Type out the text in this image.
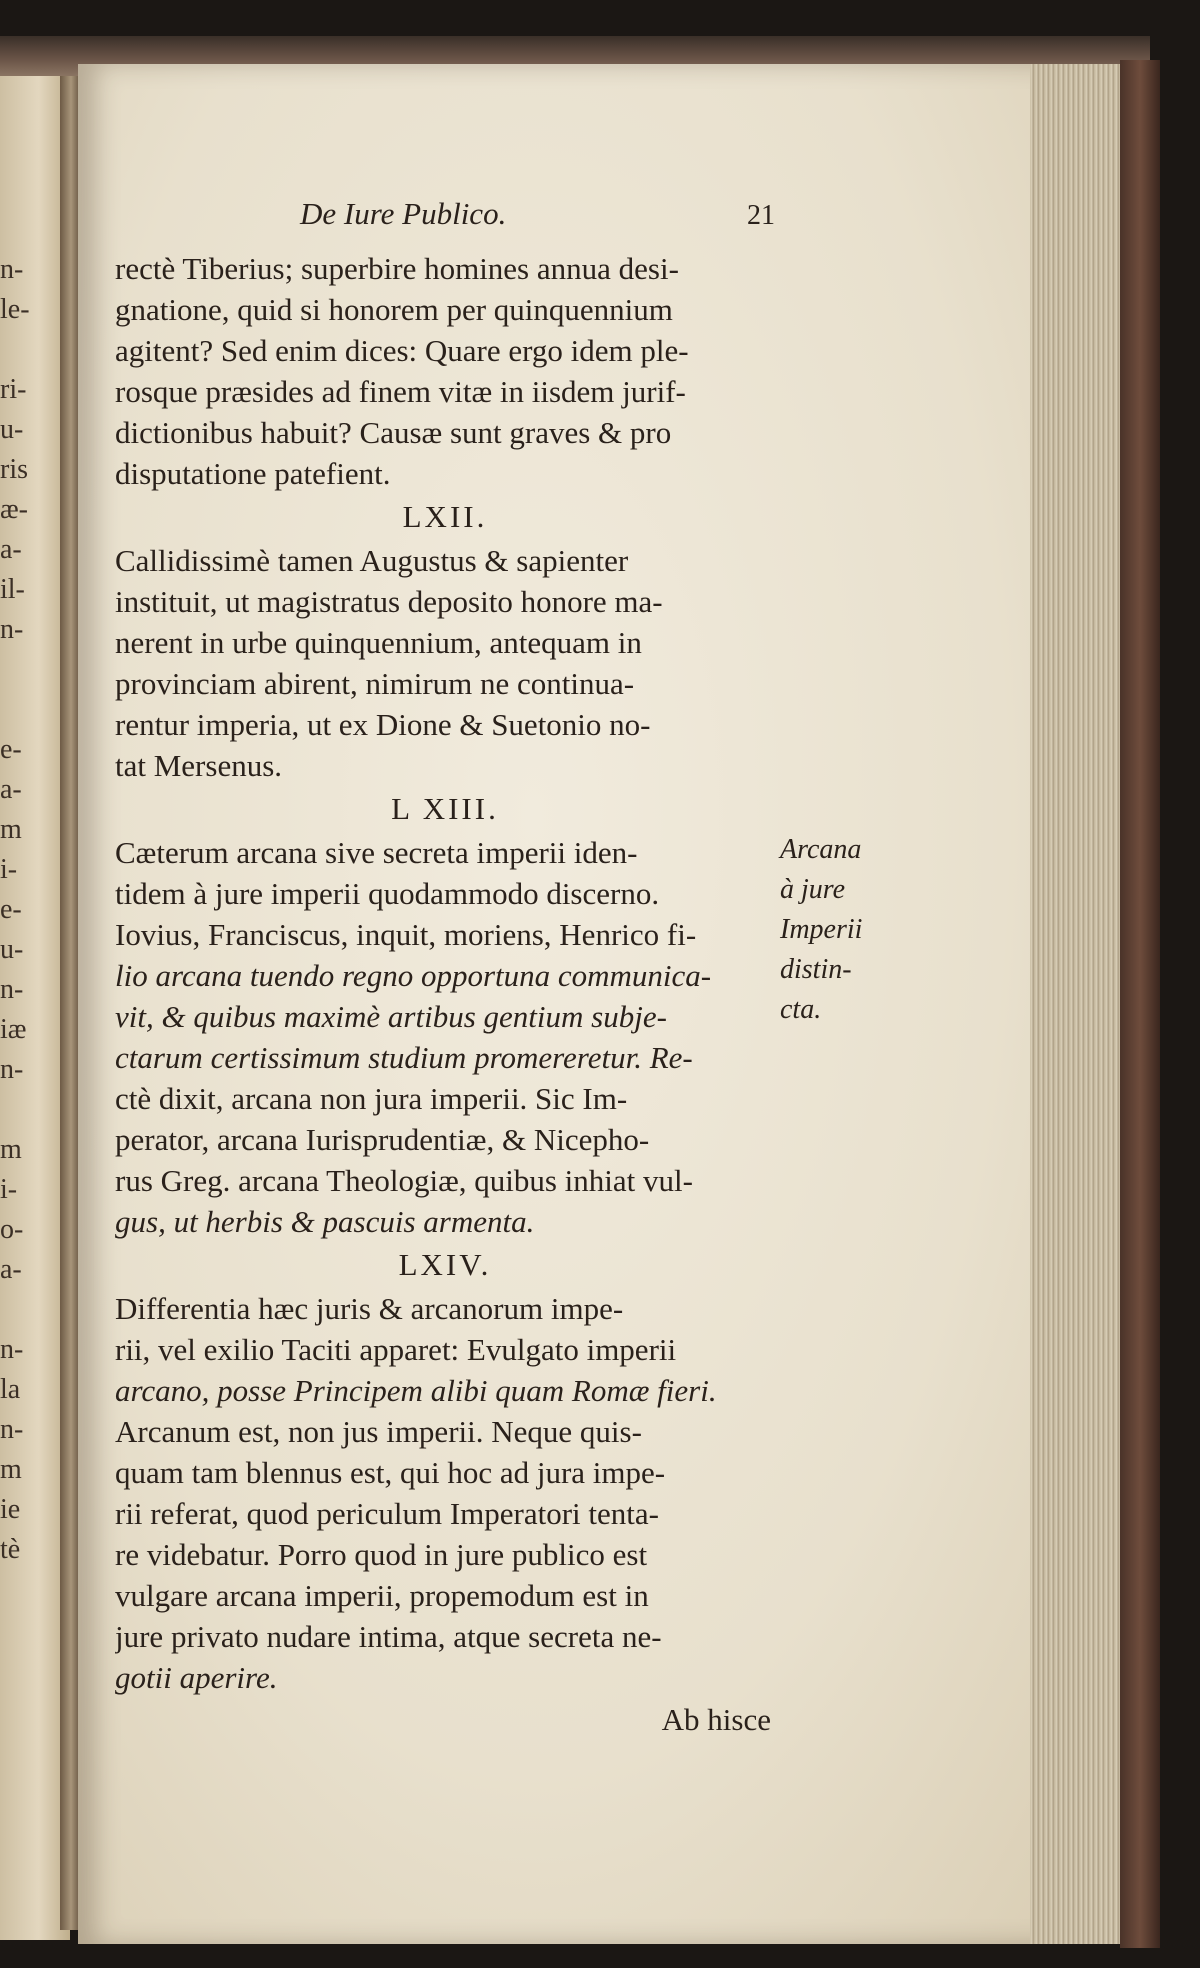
n-
le-
ri-
u-
ris
æ-
a-
il-
n-
e-
a-
m
i-
e-
u-
n-
iæ
n-
m
i-
o-
a-
n-
la
n-
m
ie
tè
De Iure Publico.	21
rectè Tiberius; superbire homines annua desi-
gnatione, quid si honorem per quinquennium
agitent? Sed enim dices: Quare ergo idem ple-
rosque præsides ad finem vitæ in iisdem jurif-
dictionibus habuit? Causæ sunt graves & pro
disputatione patefient.
LXII.
Callidissimè tamen Augustus & sapienter
instituit, ut magistratus deposito honore ma-
nerent in urbe quinquennium, antequam in
provinciam abirent, nimirum ne continua-
rentur imperia, ut ex Dione & Suetonio no-
tat Mersenus.
L XIII.
Cæterum arcana sive secreta imperii iden-
tidem à jure imperii quodammodo discerno.
Iovius, Franciscus, inquit, moriens, Henrico fi-
lio arcana tuendo regno opportuna communica-
vit, & quibus maximè artibus gentium subje-
ctarum certissimum studium promereretur. Re-
ctè dixit, arcana non jura imperii. Sic Im-
perator, arcana Iurisprudentiæ, & Nicepho-
rus Greg. arcana Theologiæ, quibus inhiat vul-
gus, ut herbis & pascuis armenta.
LXIV.
Differentia hæc juris & arcanorum impe-
rii, vel exilio Taciti apparet: Evulgato imperii
arcano, posse Principem alibi quam Romæ fieri.
Arcanum est, non jus imperii. Neque quis-
quam tam blennus est, qui hoc ad jura impe-
rii referat, quod periculum Imperatori tenta-
re videbatur. Porro quod in jure publico est
vulgare arcana imperii, propemodum est in
jure privato nudare intima, atque secreta ne-
gotii aperire.
Ab hisce
Arcana
à jure
Imperii
distin-
cta.
